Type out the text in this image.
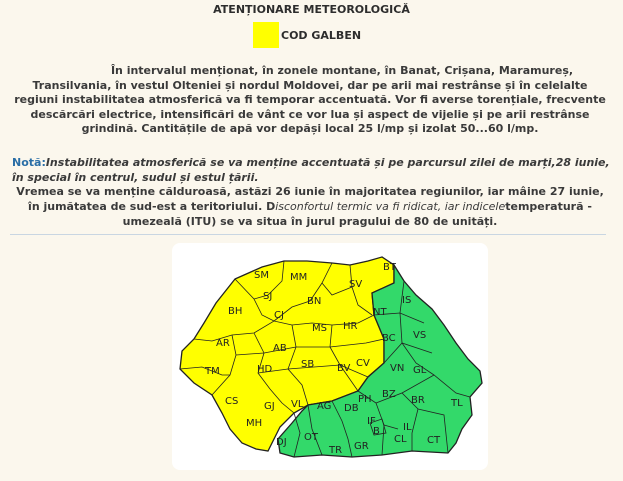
ATENȚIONARE METEOROLOGICĂ
COD GALBEN
În intervalul menționat, în zonele montane, în Banat, Crișana, Maramureș, Transilvania, în vestul Olteniei și nordul Moldovei, dar pe arii mai restrânse și în celelalte regiuni instabilitatea atmosferică va fi temporar accentuată. Vor fi averse torențiale, frecvente descărcări electrice, intensificări de vânt ce vor lua și aspect de vijelie și pe arii restrânse grindină. Cantitățile de apă vor depăși local 25 l/mp și izolat 50...60 l/mp.
Notă:Instabilitatea atmosferică se va menține accentuată și pe parcursul zilei de marți,28 iunie, în special în centrul, sudul și estul țării.
Vremea se va menține călduroasă, astăzi 26 iunie în majoritatea regiunilor, iar mâine 27 iunie, în jumătatea de sud-est a teritoriului. Disconfortul termic va fi ridicat, iar indiceletemperatură - umezeală (ITU) se va situa în jurul pragului de 80 de unități.
SM MM
BT
SJ
SV
IS
BN
BH	CJ	NT
MS HR
VS
BC
AR	AB
HD	SB	CV VN
TM	BV	GL
BZ
PH
CS	GJ VL AG DB
BR	TL
MH	IF
B IL
CL CT
DJ OT
TR GR
